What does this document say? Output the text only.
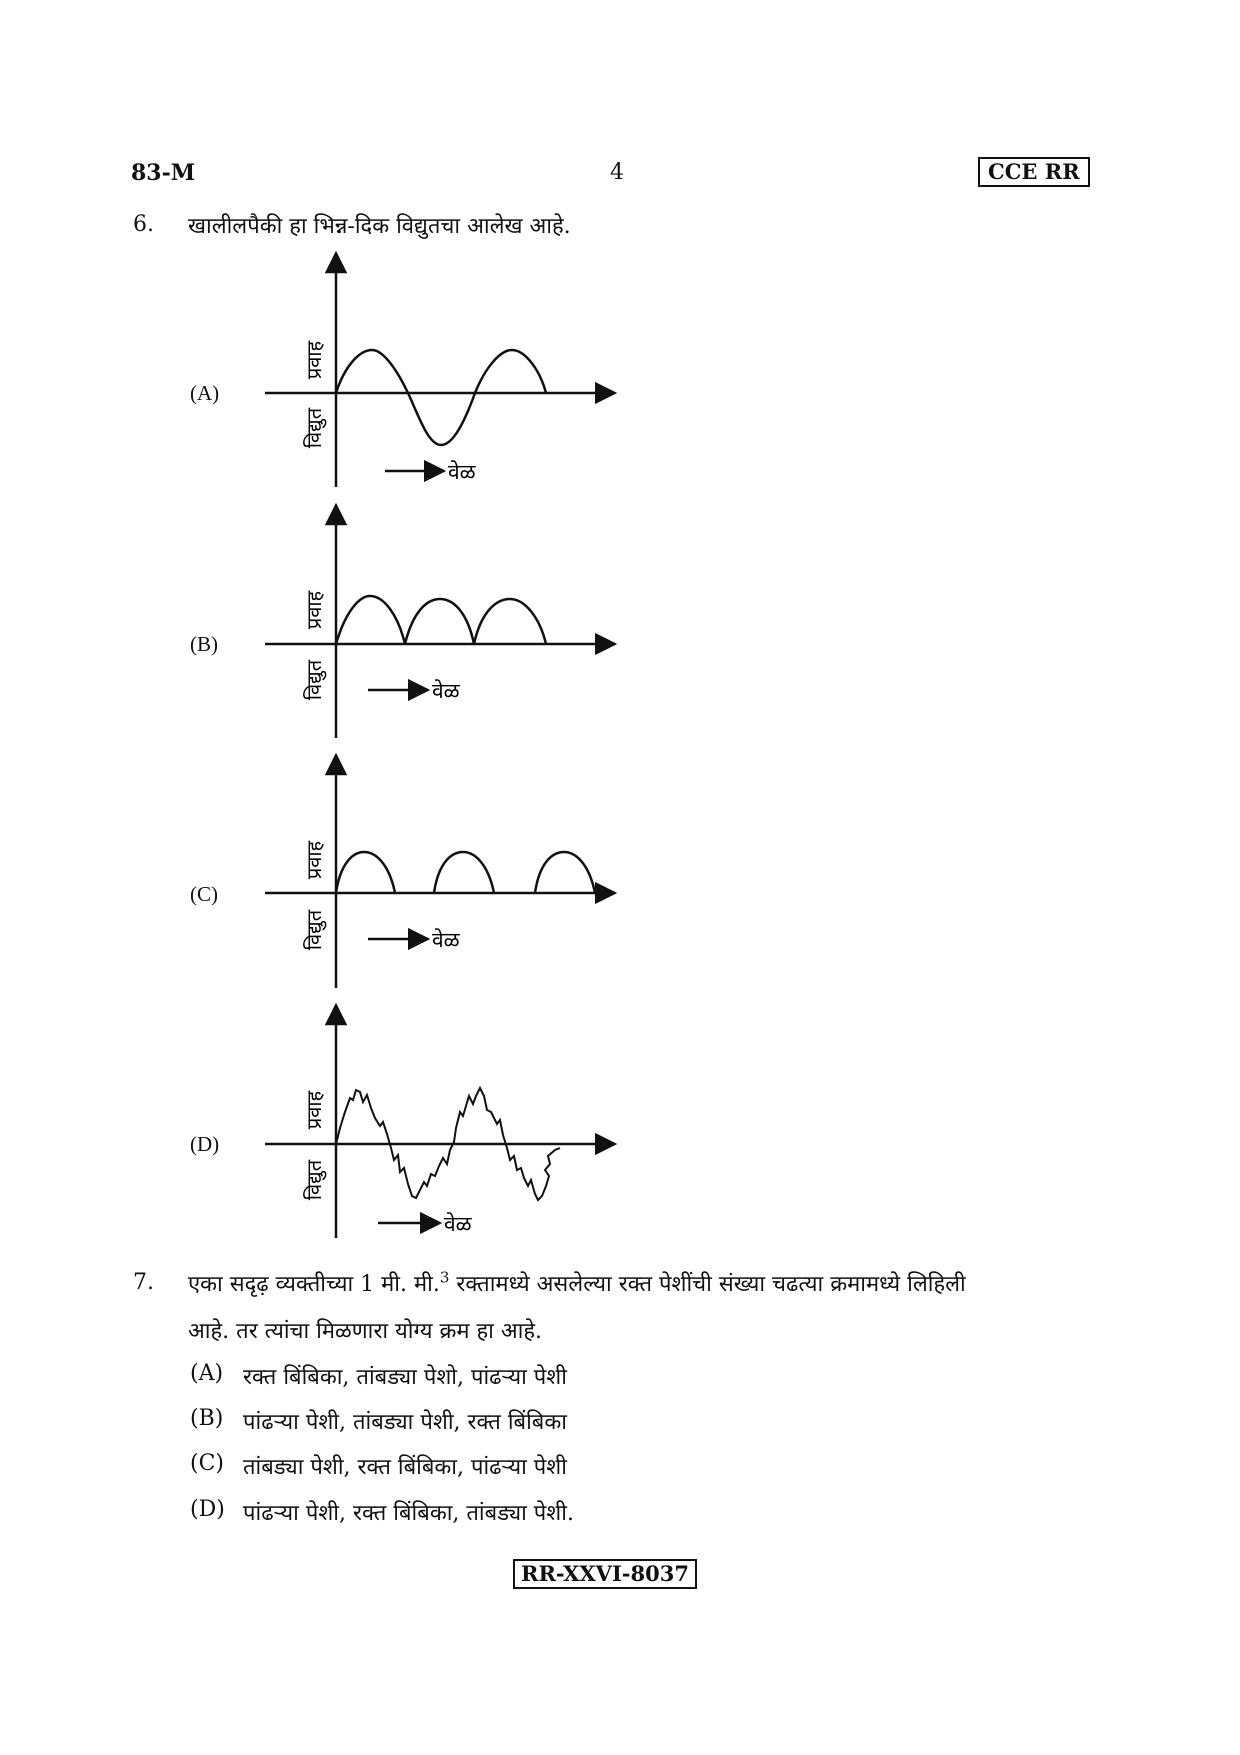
83-M	4	CCE RR
6. खालीलपैकी हा भिन्न-दिक विद्युतचा आलेख आहे.
(A)
(B)
(C)
(D)
वेळ
प्रवाह
विद्युत
वेळ
प्रवाह
विद्युत
वेळ
प्रवाह
विद्युत
वेळ
प्रवाह
विद्युत
7. एका सदृढ़ व्यक्तीच्या 1 मी. मी.$^3$ रक्तामध्ये असलेल्या रक्त पेशींची संख्या चढत्या क्रमामध्ये लिहिली
आहे. तर त्यांचा मिळणारा योग्य क्रम हा आहे.
(A) रक्त बिंबिका, तांबड्या पेशो, पांढऱ्या पेशी
(B) पांढऱ्या पेशी, तांबड्या पेशी, रक्त बिंबिका
(C) तांबड्या पेशी, रक्त बिंबिका, पांढऱ्या पेशी
(D) पांढऱ्या पेशी, रक्त बिंबिका, तांबड्या पेशी.
RR-XXVI-8037
